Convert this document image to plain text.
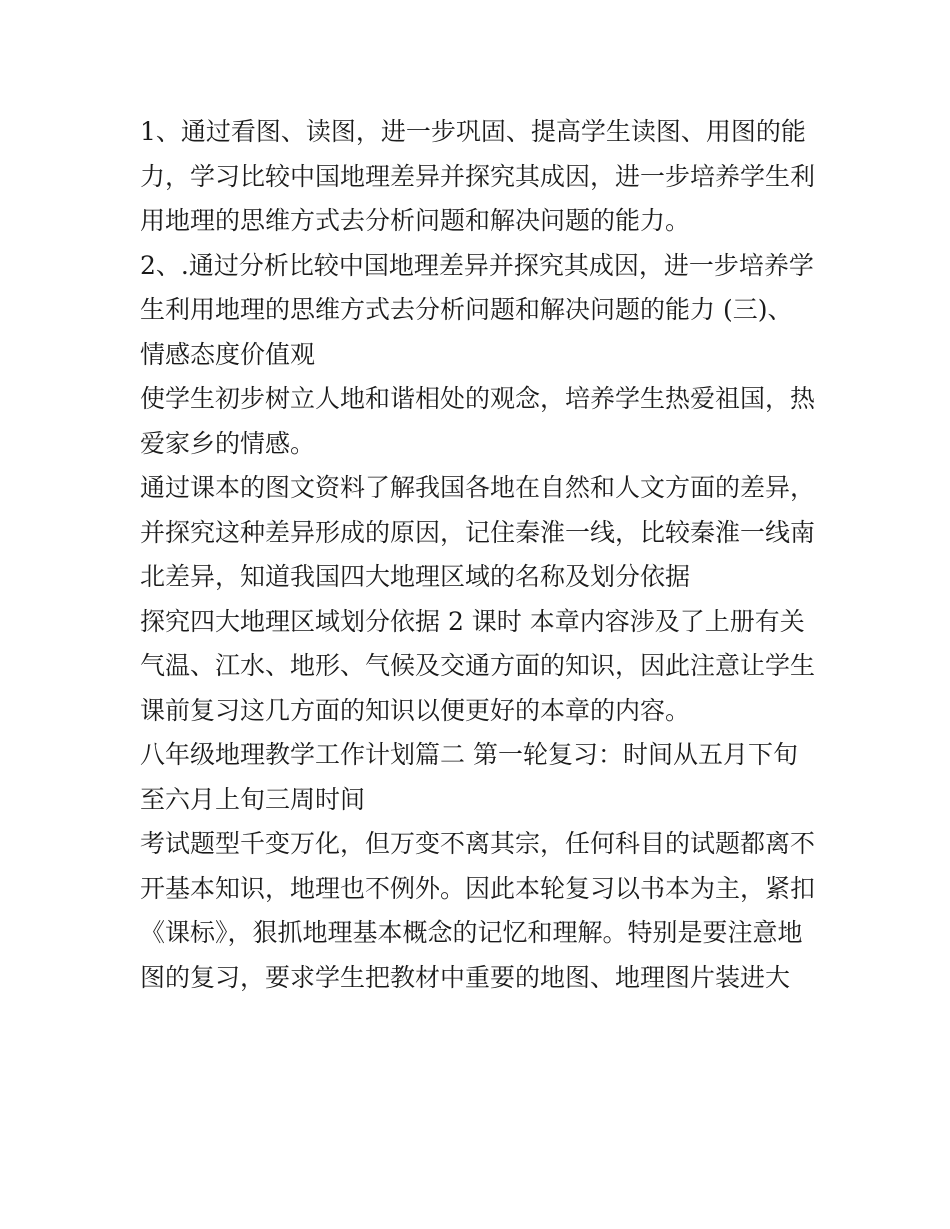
1、通过看图、读图，进一步巩固、提高学生读图、用图的能
力，学习比较中国地理差异并探究其成因，进一步培养学生利
用地理的思维方式去分析问题和解决问题的能力。
2、.通过分析比较中国地理差异并探究其成因，进一步培养学
生利用地理的思维方式去分析问题和解决问题的能力 (三)、
情感态度价值观
使学生初步树立人地和谐相处的观念，培养学生热爱祖国，热
爱家乡的情感。
通过课本的图文资料了解我国各地在自然和人文方面的差异，
并探究这种差异形成的原因，记住秦淮一线，比较秦淮一线南
北差异，知道我国四大地理区域的名称及划分依据
探究四大地理区域划分依据 2 课时 本章内容涉及了上册有关
气温、江水、地形、气候及交通方面的知识，因此注意让学生
课前复习这几方面的知识以便更好的本章的内容。
八年级地理教学工作计划篇二 第一轮复习：时间从五月下旬
至六月上旬三周时间
考试题型千变万化，但万变不离其宗，任何科目的试题都离不
开基本知识，地理也不例外。因此本轮复习以书本为主，紧扣
《课标》，狠抓地理基本概念的记忆和理解。特别是要注意地
图的复习，要求学生把教材中重要的地图、地理图片装进大
